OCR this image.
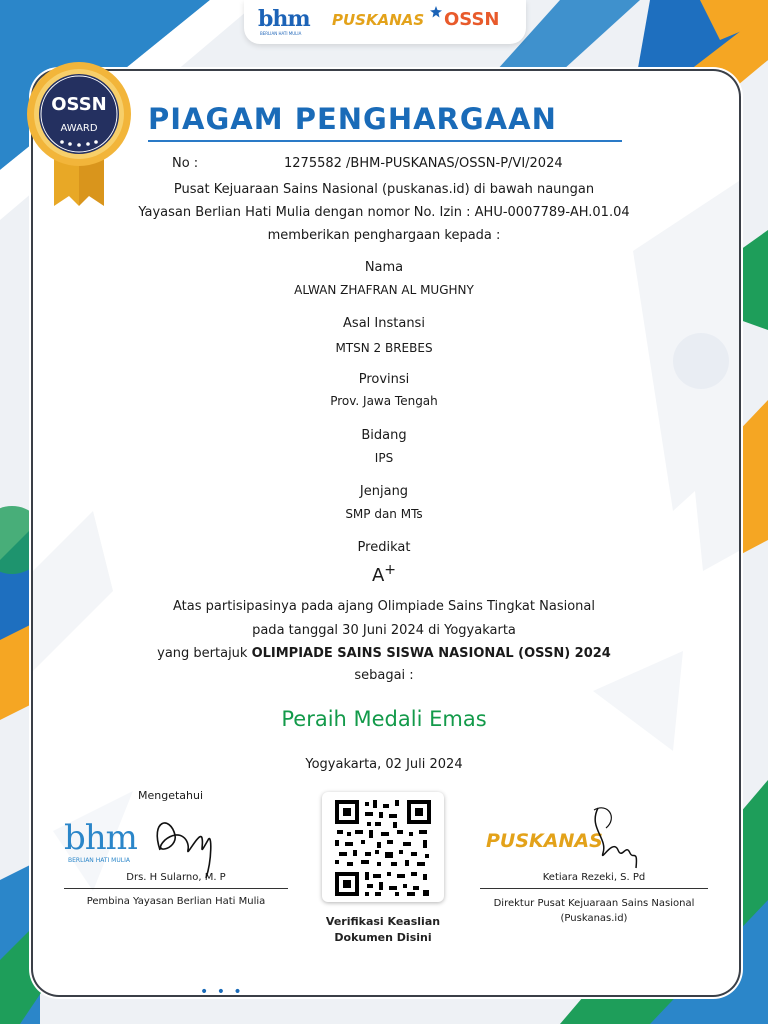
bhm
BERLIAN HATI MULIA
PUSKANAS OSSN
OSSN
AWARD PIAGAM PENGHARGAAN
No :	1275582 /BHM-PUSKANAS/OSSN-P/VI/2024
Pusat Kejuaraan Sains Nasional (puskanas.id) di bawah naungan
Yayasan Berlian Hati Mulia dengan nomor No. Izin : AHU-0007789-AH.01.04
memberikan penghargaan kepada :
Nama
ALWAN ZHAFRAN AL MUGHNY
Asal Instansi
MTSN 2 BREBES
Provinsi
Prov. Jawa Tengah
Bidang
IPS
Jenjang
SMP dan MTs
Predikat
A+
Atas partisipasinya pada ajang Olimpiade Sains Tingkat Nasional
pada tanggal 30 Juni 2024 di Yogyakarta
yang bertajuk OLIMPIADE SAINS SISWA NASIONAL (OSSN) 2024
sebagai :
Peraih Medali Emas
Yogyakarta, 02 Juli 2024
Mengetahui
bhm
BERLIAN HATI MULIA
Drs. H Sularno, M. P
Pembina Yayasan Berlian Hati Mulia
Verifikasi Keaslian
Dokumen Disini
PUSKANAS
Ketiara Rezeki, S. Pd
Direktur Pusat Kejuaraan Sains Nasional
(Puskanas.id)
• • •
